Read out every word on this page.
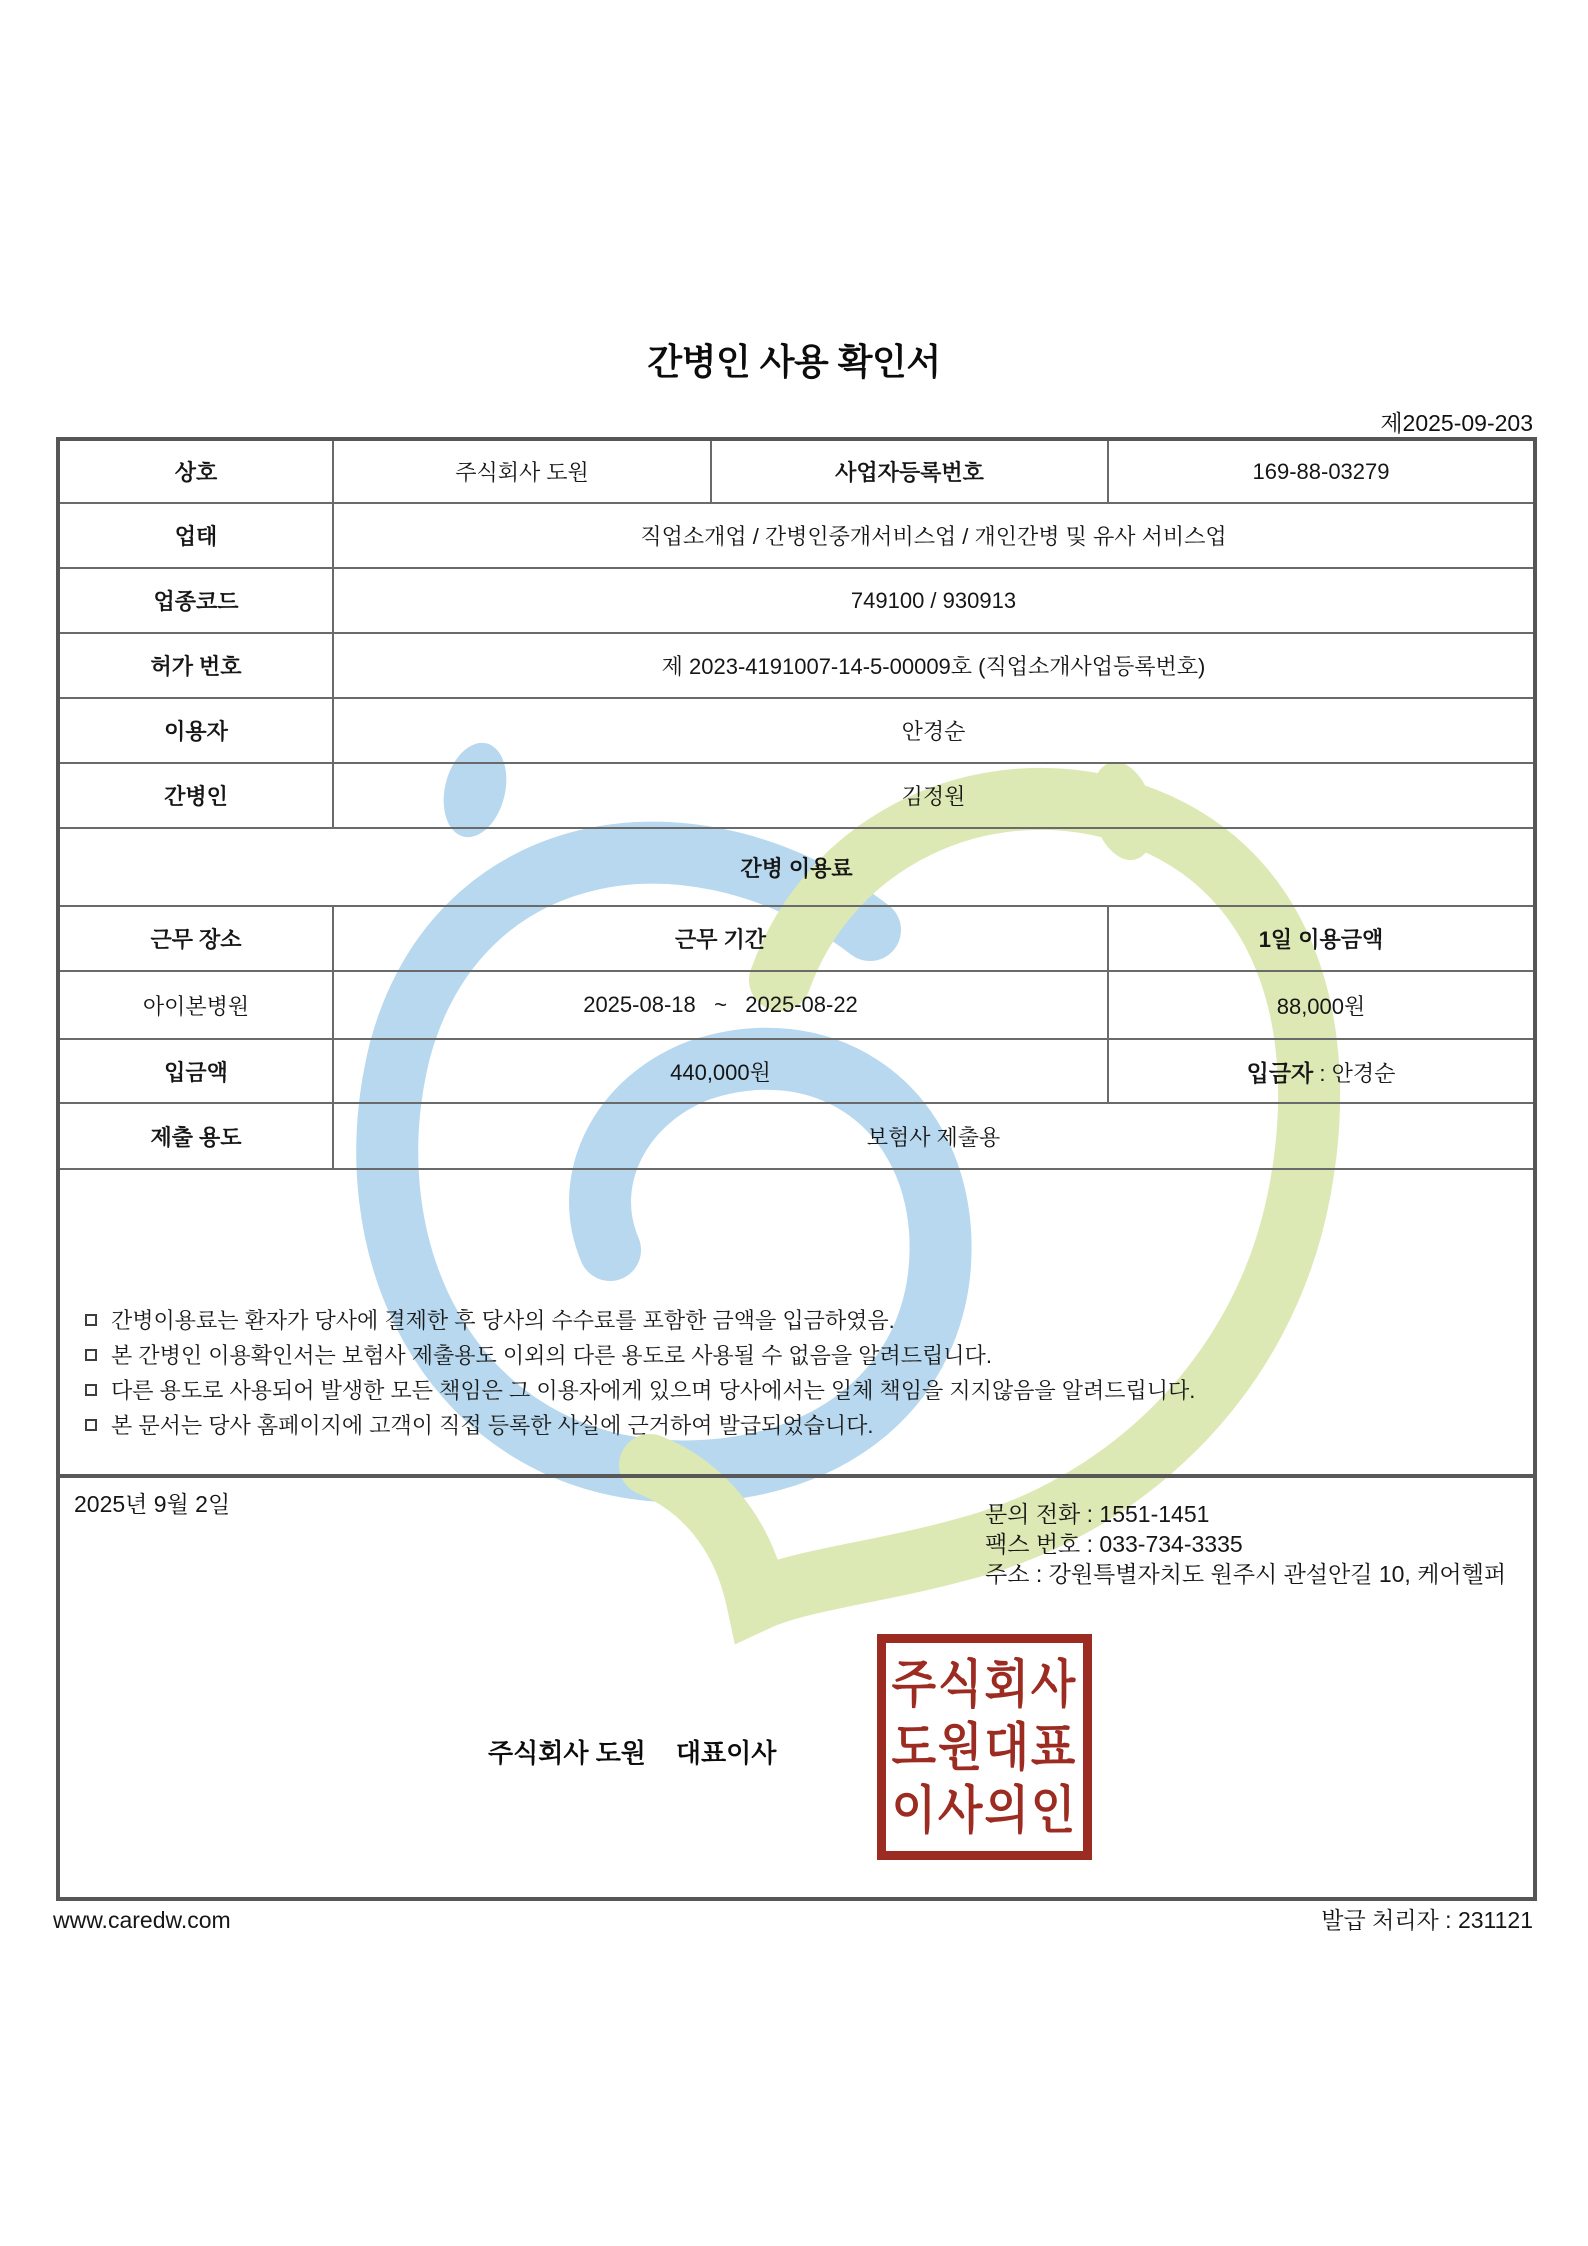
간병인 사용 확인서
제2025-09-203
상호	주식회사 도원	사업자등록번호	169-88-03279
업태	직업소개업 / 간병인중개서비스업 / 개인간병 및 유사 서비스업		
업종코드	749100 / 930913		
허가 번호	제 2023-4191007-14-5-00009호 (직업소개사업등록번호)		
이용자	안경순		
간병인	김정원		
간병 이용료			
근무 장소	근무 기간		1일 이용금액
아이본병원	2025-08-18   ~   2025-08-22		88,000원
입금액	440,000원		입금자 : 안경순
제출 용도	보험사 제출용		

간병이용료는 환자가 당사에 결제한 후 당사의 수수료를 포함한 금액을 입금하였음.
본 간병인 이용확인서는 보험사 제출용도 이외의 다른 용도로 사용될 수 없음을 알려드립니다.
다른 용도로 사용되어 발생한 모든 책임은 그 이용자에게 있으며 당사에서는 일체 책임을 지지않음을 알려드립니다.
본 문서는 당사 홈페이지에 고객이 직접 등록한 사실에 근거하여 발급되었습니다.			

2025년 9월 2일	문의 전화 : 1551-1451
팩스 번호 : 033-734-3335
주소 : 강원특별자치도 원주시 관설안길 10, 케어헬퍼
주식회사 도원 대표이사
주식회사
도원대표
이사의인
www.caredw.com	발급 처리자 : 231121
